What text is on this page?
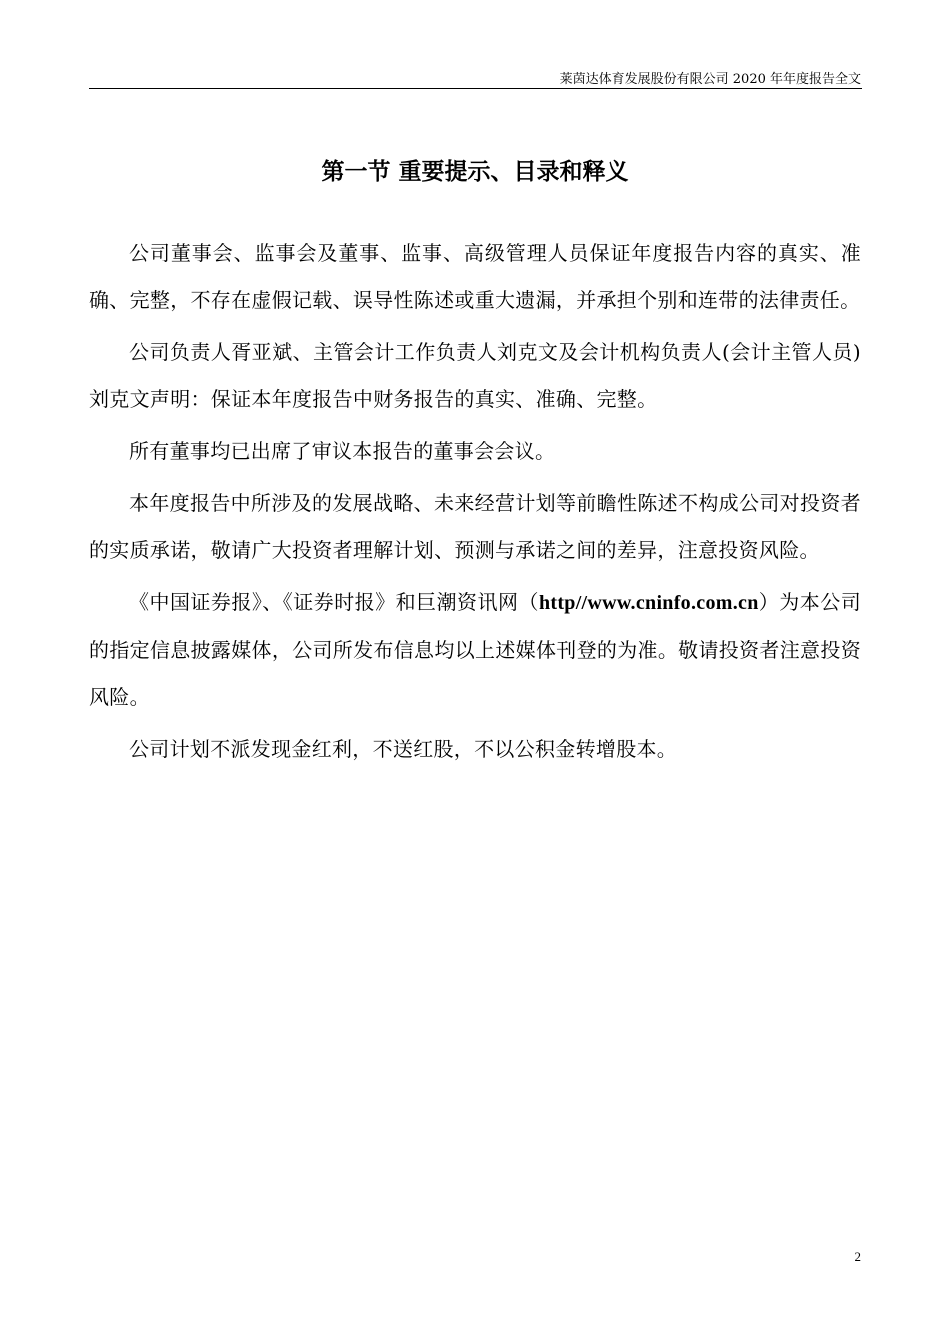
莱茵达体育发展股份有限公司 2020 年年度报告全文
第一节 重要提示、目录和释义

公司董事会、监事会及董事、监事、高级管理人员保证年度报告内容的真实、准确、完整，不存在虚假记载、误导性陈述或重大遗漏，并承担个别和连带的法律责任。

公司负责人胥亚斌、主管会计工作负责人刘克文及会计机构负责人(会计主管人员)刘克文声明：保证本年度报告中财务报告的真实、准确、完整。

所有董事均已出席了审议本报告的董事会会议。

本年度报告中所涉及的发展战略、未来经营计划等前瞻性陈述不构成公司对投资者的实质承诺，敬请广大投资者理解计划、预测与承诺之间的差异，注意投资风险。

《中国证券报》、《证券时报》和巨潮资讯网（http//www.cninfo.com.cn）为本公司的指定信息披露媒体，公司所发布信息均以上述媒体刊登的为准。敬请投资者注意投资风险。

公司计划不派发现金红利，不送红股，不以公积金转增股本。

2
